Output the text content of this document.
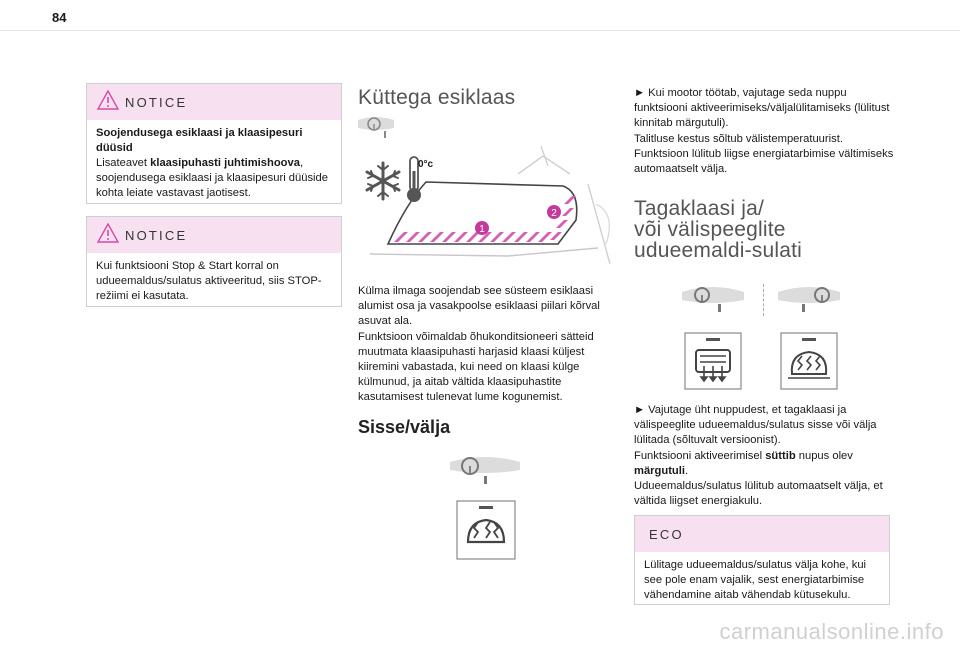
84
NOTICE
Soojendusega esiklaasi ja klaasipesuri düüsid
Lisateavet klaasipuhasti juhtimishoova, soojendusega esiklaasi ja klaasipesuri düüside kohta leiate vastavast jaotisest.
NOTICE
Kui funktsiooni Stop & Start korral on udueemaldus/sulatus aktiveeritud, siis STOP-režiimi ei kasutata.
Küttega esiklaas
1
2
0°c
Külma ilmaga soojendab see süsteem esiklaasi alumist osa ja vasakpoolse esiklaasi piilari kõrval asuvat ala.
Funktsioon võimaldab õhukonditsioneeri sätteid muutmata klaasipuhasti harjasid klaasi küljest kiiremini vabastada, kui need on klaasi külge külmunud, ja aitab vältida klaasipuhastite kasutamisest tulenevat lume kogunemist.
Sisse/välja
► Kui mootor töötab, vajutage seda nuppu funktsiooni aktiveerimiseks/väljalülitamiseks (lülitust kinnitab märgutuli).
Talitluse kestus sõltub välistemperatuurist.
Funktsioon lülitub liigse energiatarbimise vältimiseks automaatselt välja.
Tagaklaasi ja/
või välispeeglite
udueemaldi-sulati
► Vajutage üht nuppudest, et tagaklaasi ja välispeeglite udueemaldus/sulatus sisse või välja lülitada (sõltuvalt versioonist).
Funktsiooni aktiveerimisel süttib nupus olev märgutuli.
Udueemaldus/sulatus lülitub automaatselt välja, et vältida liigset energiakulu.
ECO
Lülitage udueemaldus/sulatus välja kohe, kui see pole enam vajalik, sest energiatarbimise vähendamine aitab vähendab kütusekulu.
carmanualsonline.info
